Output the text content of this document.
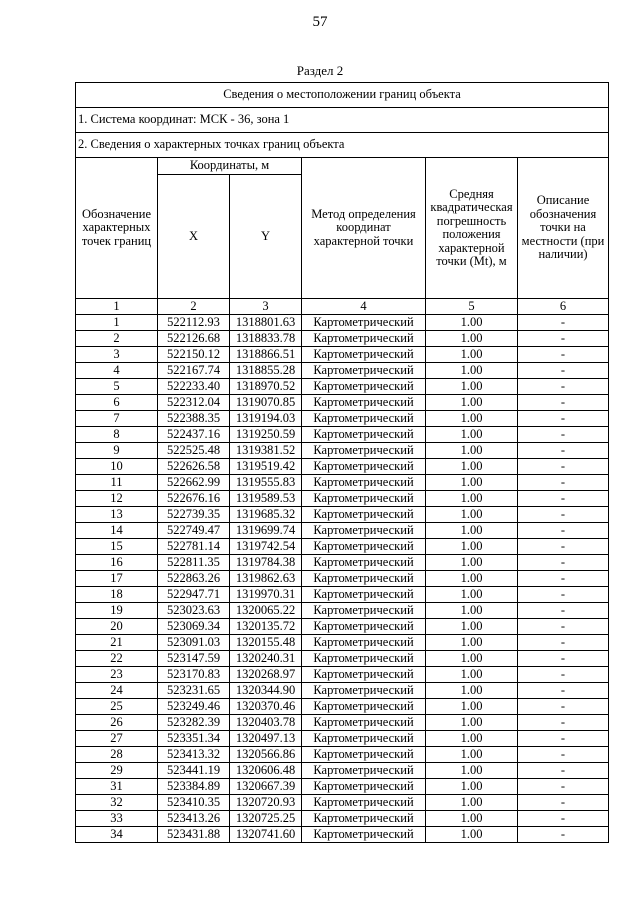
57
Раздел 2
Сведения о местоположении границ объекта					
1. Система координат: МСК - 36, зона 1					
2. Сведения о характерных точках границ объекта					
Обозначение характерных точек границ	Координаты, м		Метод определения координат характерной точки	Средняя квадратическая погрешность положения характерной точки (Mt), м	Описание обозначения точки на местности (при наличии)
	X	Y			
1	2	3	4	5	6
1	522112.93	1318801.63	Картометрический	1.00	-
2	522126.68	1318833.78	Картометрический	1.00	-
3	522150.12	1318866.51	Картометрический	1.00	-
4	522167.74	1318855.28	Картометрический	1.00	-
5	522233.40	1318970.52	Картометрический	1.00	-
6	522312.04	1319070.85	Картометрический	1.00	-
7	522388.35	1319194.03	Картометрический	1.00	-
8	522437.16	1319250.59	Картометрический	1.00	-
9	522525.48	1319381.52	Картометрический	1.00	-
10	522626.58	1319519.42	Картометрический	1.00	-
11	522662.99	1319555.83	Картометрический	1.00	-
12	522676.16	1319589.53	Картометрический	1.00	-
13	522739.35	1319685.32	Картометрический	1.00	-
14	522749.47	1319699.74	Картометрический	1.00	-
15	522781.14	1319742.54	Картометрический	1.00	-
16	522811.35	1319784.38	Картометрический	1.00	-
17	522863.26	1319862.63	Картометрический	1.00	-
18	522947.71	1319970.31	Картометрический	1.00	-
19	523023.63	1320065.22	Картометрический	1.00	-
20	523069.34	1320135.72	Картометрический	1.00	-
21	523091.03	1320155.48	Картометрический	1.00	-
22	523147.59	1320240.31	Картометрический	1.00	-
23	523170.83	1320268.97	Картометрический	1.00	-
24	523231.65	1320344.90	Картометрический	1.00	-
25	523249.46	1320370.46	Картометрический	1.00	-
26	523282.39	1320403.78	Картометрический	1.00	-
27	523351.34	1320497.13	Картометрический	1.00	-
28	523413.32	1320566.86	Картометрический	1.00	-
29	523441.19	1320606.48	Картометрический	1.00	-
31	523384.89	1320667.39	Картометрический	1.00	-
32	523410.35	1320720.93	Картометрический	1.00	-
33	523413.26	1320725.25	Картометрический	1.00	-
34	523431.88	1320741.60	Картометрический	1.00	-
